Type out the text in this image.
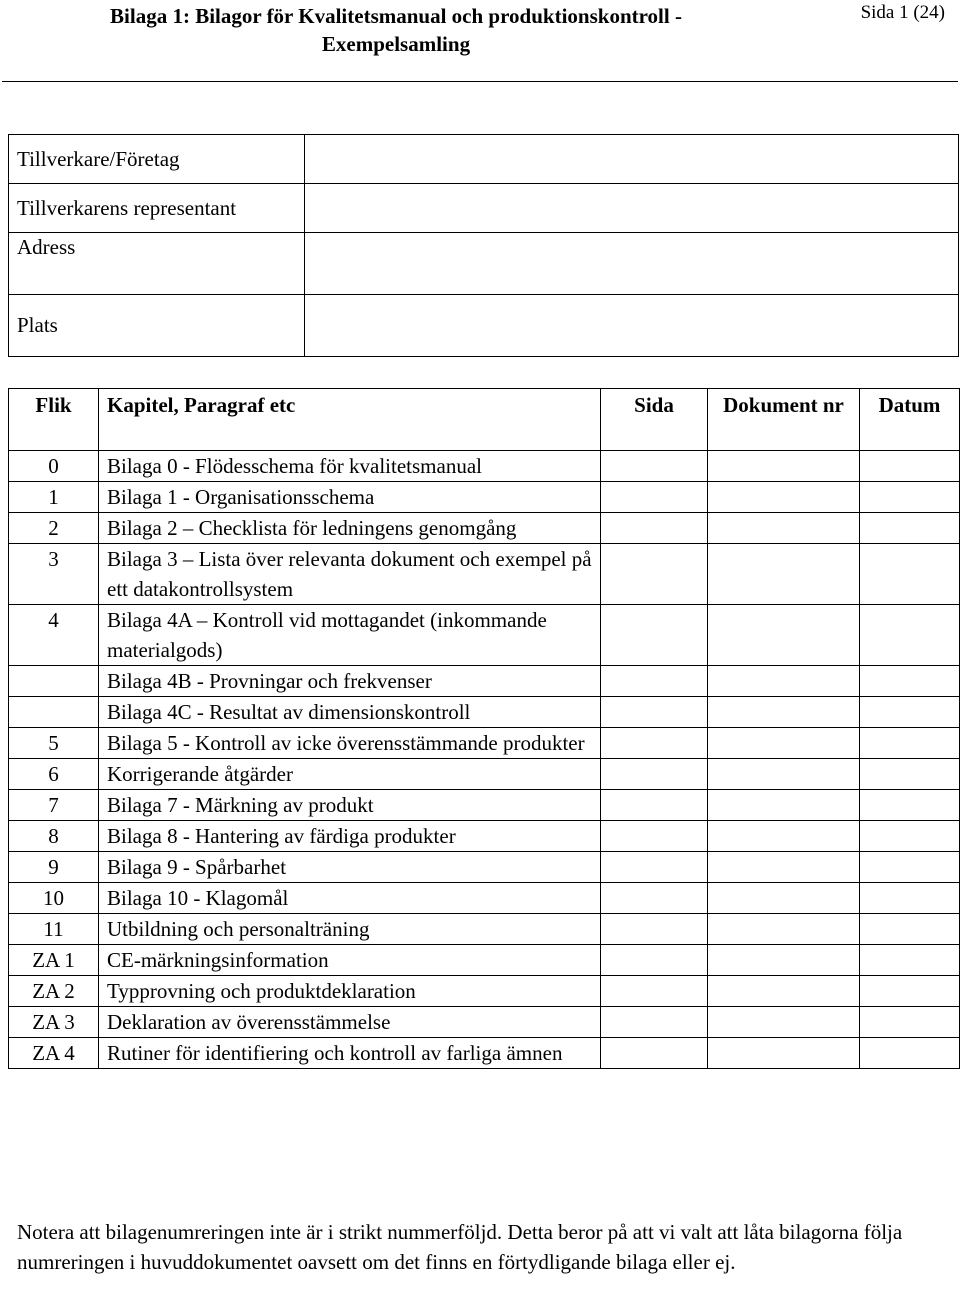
Bilaga 1: Bilagor för Kvalitetsmanual och produktionskontroll -
Exempelsamling
Sida 1 (24)
Tillverkare/Företag	
Tillverkarens representant	
Adress	
Plats	
Flik	Kapitel, Paragraf etc	Sida	Dokument nr	Datum
0	Bilaga 0 - Flödesschema för kvalitetsmanual			
1	Bilaga 1 - Organisationsschema			
2	Bilaga 2 – Checklista för ledningens genomgång			
3	Bilaga 3 – Lista över relevanta dokument och exempel på ett datakontrollsystem			
4	Bilaga 4A – Kontroll vid mottagandet (inkommande materialgods)			
	Bilaga 4B - Provningar och frekvenser			
	Bilaga 4C - Resultat av dimensionskontroll			
5	Bilaga 5 - Kontroll av icke överensstämmande produkter			
6	Korrigerande åtgärder			
7	Bilaga 7 - Märkning av produkt			
8	Bilaga 8 - Hantering av färdiga produkter			
9	Bilaga 9 - Spårbarhet			
10	Bilaga 10 - Klagomål			
11	Utbildning och personalträning			
ZA 1	CE-märkningsinformation			
ZA 2	Typprovning och produktdeklaration			
ZA 3	Deklaration av överensstämmelse			
ZA 4	Rutiner för identifiering och kontroll av farliga ämnen			
Notera att bilagenumreringen inte är i strikt nummerföljd. Detta beror på att vi valt att låta bilagorna följa numreringen i huvuddokumentet oavsett om det finns en förtydligande bilaga eller ej.
